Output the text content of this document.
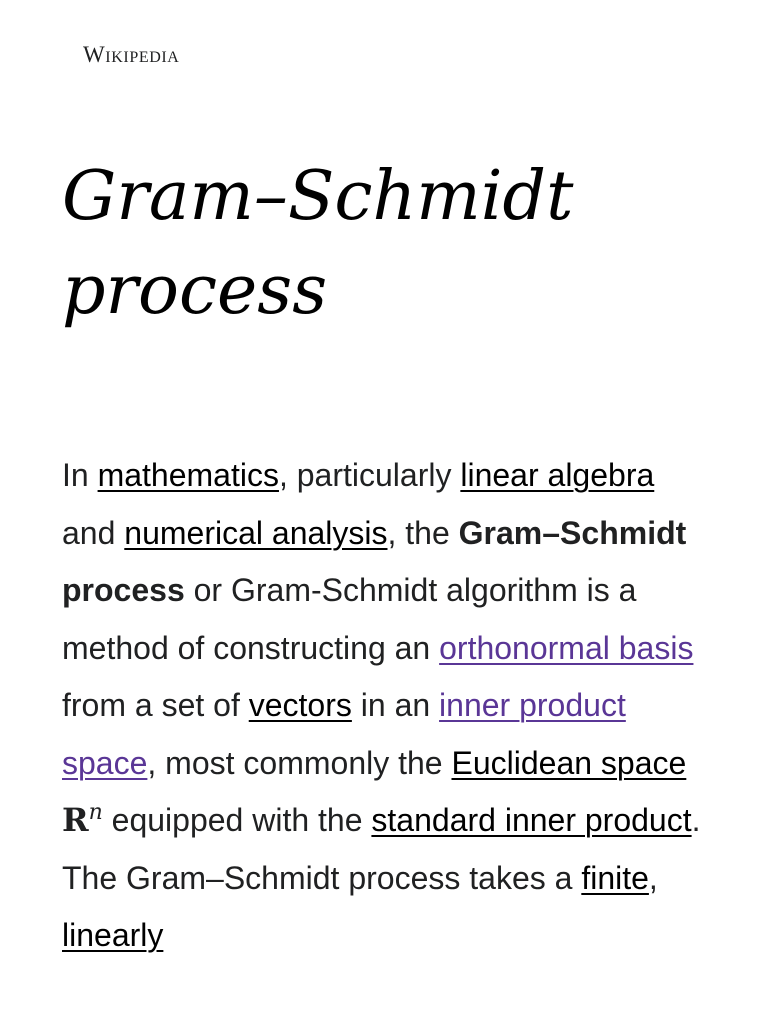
Wikipedia
Gram–Schmidt
process

In mathematics, particularly linear algebra and numerical analysis, the Gram–Schmidt process or Gram-Schmidt algorithm is a method of constructing an orthonormal basis from a set of vectors in an inner product space, most commonly the Euclidean space $R^n$ equipped with the standard inner product. The Gram–Schmidt process takes a finite, linearly
